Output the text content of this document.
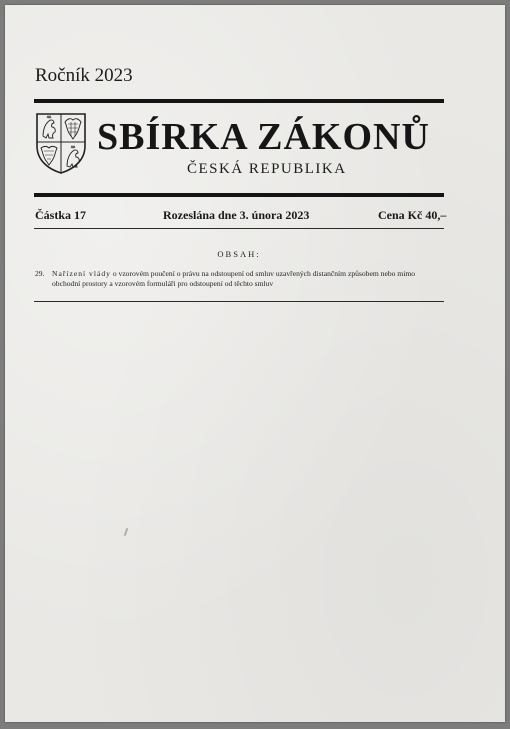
Ročník 2023
SBÍRKA ZÁKONŮ
ČESKÁ REPUBLIKA
Částka 17	Rozeslána dne 3. února 2023	Cena Kč 40,–
OBSAH:
29. Nařízení vlády o vzorovém poučení o právu na odstoupení od smluv uzavřených distančním způsobem nebo mimo obchodní prostory a vzorovém formuláři pro odstoupení od těchto smluv
